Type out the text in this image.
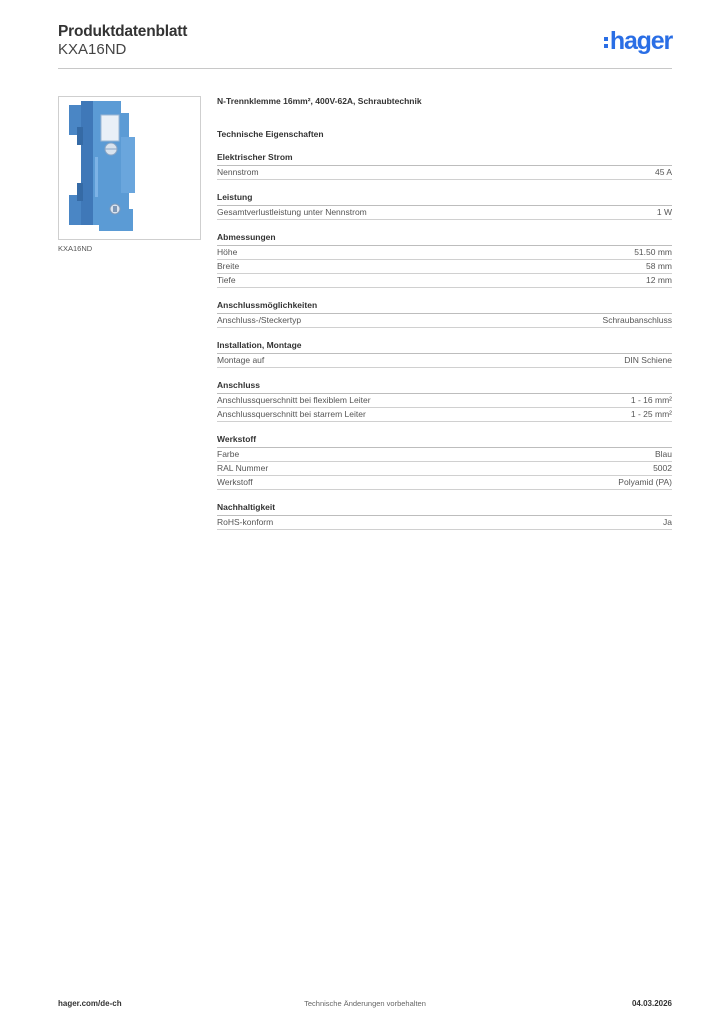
Produktdatenblatt
KXA16ND	hager
KXA16ND
N-Trennklemme 16mm², 400V-62A, Schraubtechnik
Technische Eigenschaften
Elektrischer Strom
Nennstrom	45 A
Leistung
Gesamtverlustleistung unter Nennstrom	1 W
Abmessungen
Höhe	51.50 mm
Breite	58 mm
Tiefe	12 mm
Anschlussmöglichkeiten
Anschluss-/Steckertyp	Schraubanschluss
Installation, Montage
Montage auf	DIN Schiene
Anschluss
Anschlussquerschnitt bei flexiblem Leiter	1 - 16 mm²
Anschlussquerschnitt bei starrem Leiter	1 - 25 mm²
Werkstoff
Farbe	Blau
RAL Nummer	5002
Werkstoff	Polyamid (PA)
Nachhaltigkeit
RoHS-konform	Ja
hager.com/de-ch	Technische Änderungen vorbehalten	04.03.2026
